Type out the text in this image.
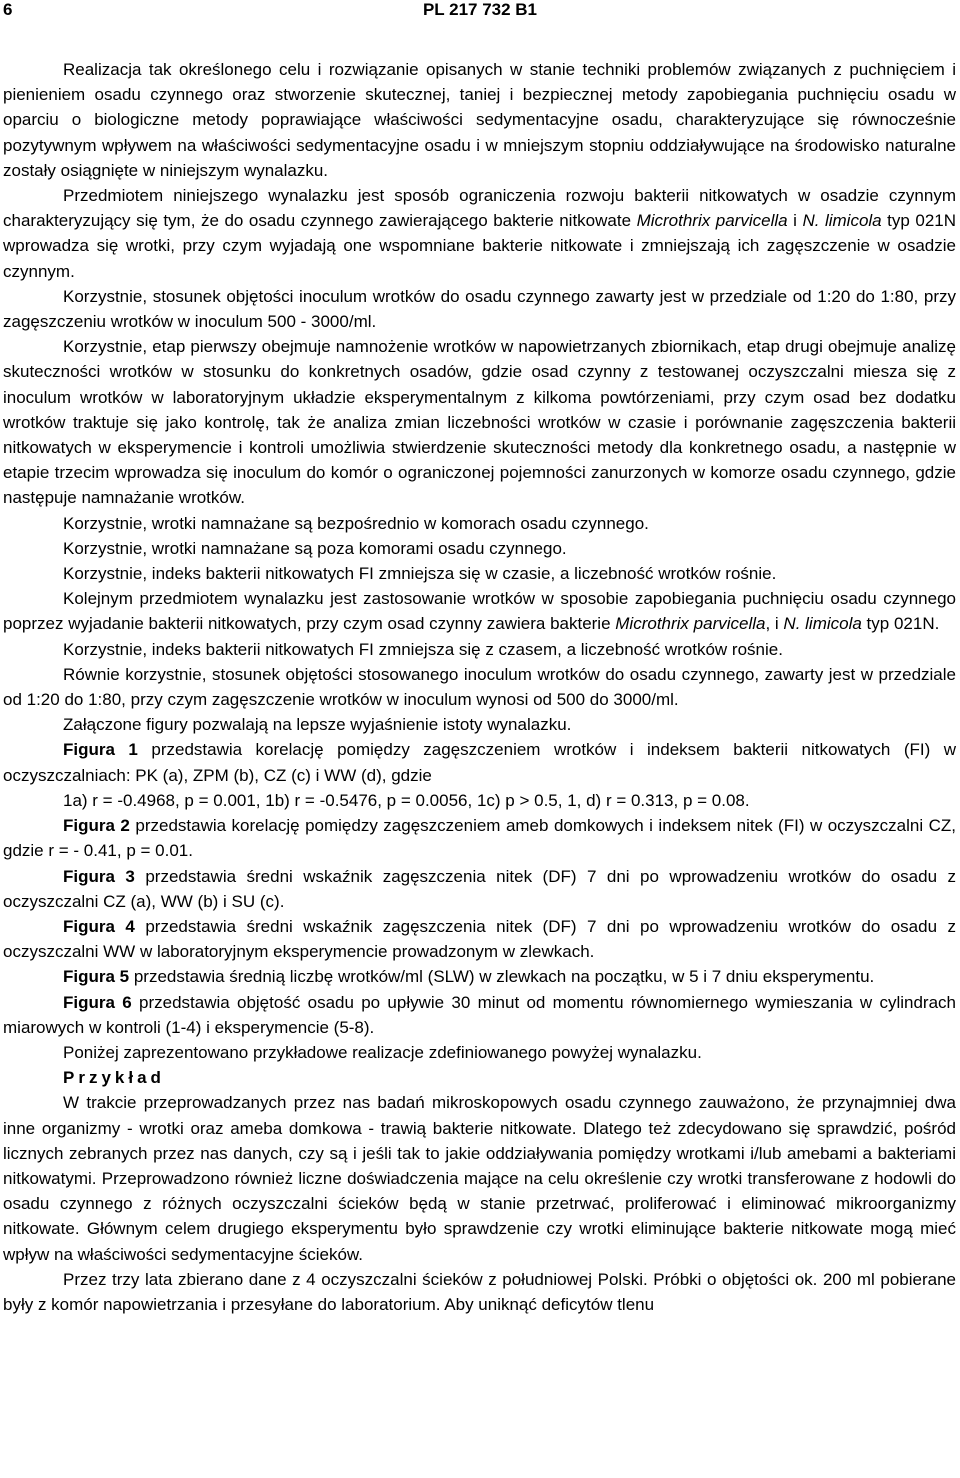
6	PL 217 732 B1

Realizacja tak określonego celu i rozwiązanie opisanych w stanie techniki problemów związanych z puchnięciem i pienieniem osadu czynnego oraz stworzenie skutecznej, taniej i bezpiecznej metody zapobiegania puchnięciu osadu w oparciu o biologiczne metody poprawiające właściwości sedymentacyjne osadu, charakteryzujące się równocześnie pozytywnym wpływem na właściwości sedymentacyjne osadu i w mniejszym stopniu oddziaływujące na środowisko naturalne zostały osiągnięte w niniejszym wynalazku.

Przedmiotem niniejszego wynalazku jest sposób ograniczenia rozwoju bakterii nitkowatych w osadzie czynnym charakteryzujący się tym, że do osadu czynnego zawierającego bakterie nitkowate Microthrix parvicella i N. limicola typ 021N wprowadza się wrotki, przy czym wyjadają one wspomniane bakterie nitkowate i zmniejszają ich zagęszczenie w osadzie czynnym.

Korzystnie, stosunek objętości inoculum wrotków do osadu czynnego zawarty jest w przedziale od 1:20 do 1:80, przy zagęszczeniu wrotków w inoculum 500 - 3000/ml.

Korzystnie, etap pierwszy obejmuje namnożenie wrotków w napowietrzanych zbiornikach, etap drugi obejmuje analizę skuteczności wrotków w stosunku do konkretnych osadów, gdzie osad czynny z testowanej oczyszczalni miesza się z inoculum wrotków w laboratoryjnym układzie eksperymentalnym z kilkoma powtórzeniami, przy czym osad bez dodatku wrotków traktuje się jako kontrolę, tak że analiza zmian liczebności wrotków w czasie i porównanie zagęszczenia bakterii nitkowatych w eksperymencie i kontroli umożliwia stwierdzenie skuteczności metody dla konkretnego osadu, a następnie w etapie trzecim wprowadza się inoculum do komór o ograniczonej pojemności zanurzonych w komorze osadu czynnego, gdzie następuje namnażanie wrotków.

Korzystnie, wrotki namnażane są bezpośrednio w komorach osadu czynnego.

Korzystnie, wrotki namnażane są poza komorami osadu czynnego.

Korzystnie, indeks bakterii nitkowatych FI zmniejsza się w czasie, a liczebność wrotków rośnie.

Kolejnym przedmiotem wynalazku jest zastosowanie wrotków w sposobie zapobiegania puchnięciu osadu czynnego poprzez wyjadanie bakterii nitkowatych, przy czym osad czynny zawiera bakterie Microthrix parvicella, i N. limicola typ 021N.

Korzystnie, indeks bakterii nitkowatych FI zmniejsza się z czasem, a liczebność wrotków rośnie.

Równie korzystnie, stosunek objętości stosowanego inoculum wrotków do osadu czynnego, zawarty jest w przedziale od 1:20 do 1:80, przy czym zagęszczenie wrotków w inoculum wynosi od 500 do 3000/ml.

Załączone figury pozwalają na lepsze wyjaśnienie istoty wynalazku.

Figura 1 przedstawia korelację pomiędzy zagęszczeniem wrotków i indeksem bakterii nitkowatych (FI) w oczyszczalniach: PK (a), ZPM (b), CZ (c) i WW (d), gdzie

1a) r = -0.4968, p = 0.001, 1b) r = -0.5476, p = 0.0056, 1c) p > 0.5, 1, d) r = 0.313, p = 0.08.

Figura 2 przedstawia korelację pomiędzy zagęszczeniem ameb domkowych i indeksem nitek (FI) w oczyszczalni CZ, gdzie r = - 0.41, p = 0.01.

Figura 3 przedstawia średni wskaźnik zagęszczenia nitek (DF) 7 dni po wprowadzeniu wrotków do osadu z oczyszczalni CZ (a), WW (b) i SU (c).

Figura 4 przedstawia średni wskaźnik zagęszczenia nitek (DF) 7 dni po wprowadzeniu wrotków do osadu z oczyszczalni WW w laboratoryjnym eksperymencie prowadzonym w zlewkach.

Figura 5 przedstawia średnią liczbę wrotków/ml (SLW) w zlewkach na początku, w 5 i 7 dniu eksperymentu.

Figura 6 przedstawia objętość osadu po upływie 30 minut od momentu równomiernego wymieszania w cylindrach miarowych w kontroli (1-4) i eksperymencie (5-8).

Poniżej zaprezentowano przykładowe realizacje zdefiniowanego powyżej wynalazku.

Przykład

W trakcie przeprowadzanych przez nas badań mikroskopowych osadu czynnego zauważono, że przynajmniej dwa inne organizmy - wrotki oraz ameba domkowa - trawią bakterie nitkowate. Dlatego też zdecydowano się sprawdzić, pośród licznych zebranych przez nas danych, czy są i jeśli tak to jakie oddziaływania pomiędzy wrotkami i/lub amebami a bakteriami nitkowatymi. Przeprowadzono również liczne doświadczenia mające na celu określenie czy wrotki transferowane z hodowli do osadu czynnego z różnych oczyszczalni ścieków będą w stanie przetrwać, proliferować i eliminować mikroorganizmy nitkowate. Głównym celem drugiego eksperymentu było sprawdzenie czy wrotki eliminujące bakterie nitkowate mogą mieć wpływ na właściwości sedymentacyjne ścieków.

Przez trzy lata zbierano dane z 4 oczyszczalni ścieków z południowej Polski. Próbki o objętości ok. 200 ml pobierane były z komór napowietrzania i przesyłane do laboratorium. Aby uniknąć deficytów tlenu
